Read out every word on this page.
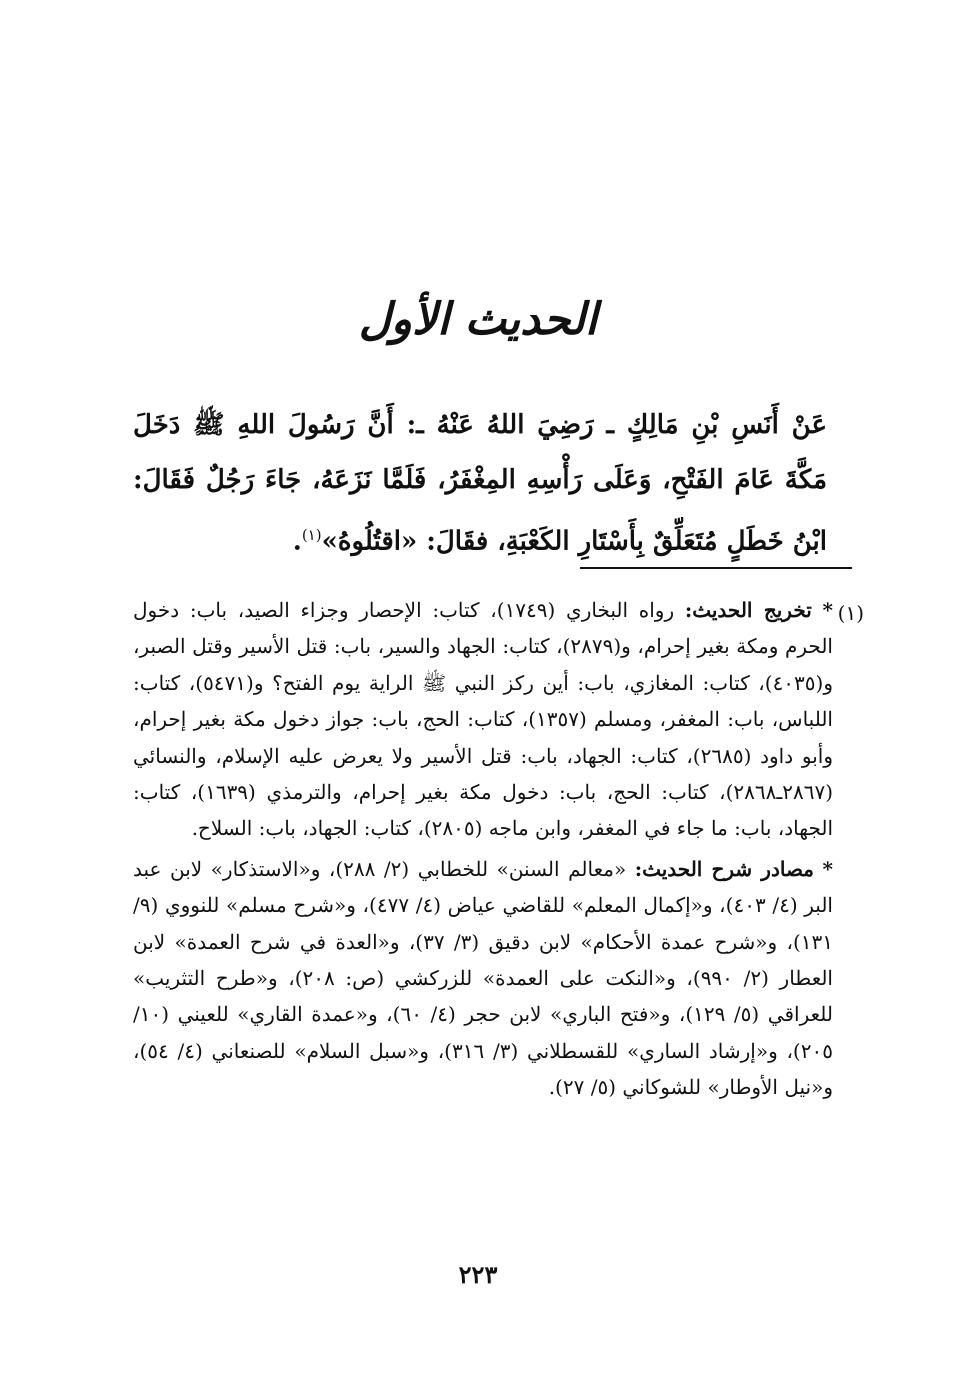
الحديث الأول
عَنْ أَنَسِ بْنِ مَالِكٍ ـ رَضِيَ اللهُ عَنْهُ ـ: أَنَّ رَسُولَ اللهِ ﷺ دَخَلَ مَكَّةَ عَامَ الفَتْحِ، وَعَلَى رَأْسِهِ المِغْفَرُ، فَلَمَّا نَزَعَهُ، جَاءَ رَجُلٌ فَقَالَ: ابْنُ خَطَلٍ مُتَعَلِّقٌ بِأَسْتَارِ الكَعْبَةِ، فقَالَ: «اقتُلُوهُ»$^{(١)}$.
(١)

* تخريج الحديث: رواه البخاري (١٧٤٩)، كتاب: الإحصار وجزاء الصيد، باب: دخول الحرم ومكة بغير إحرام، و(٢٨٧٩)، كتاب: الجهاد والسير، باب: قتل الأسير وقتل الصبر، و(٤٠٣٥)، كتاب: المغازي، باب: أين ركز النبي ﷺ الراية يوم الفتح؟ و(٥٤٧١)، كتاب: اللباس، باب: المغفر، ومسلم (١٣٥٧)، كتاب: الحج، باب: جواز دخول مكة بغير إحرام، وأبو داود (٢٦٨٥)، كتاب: الجهاد، باب: قتل الأسير ولا يعرض عليه الإسلام، والنسائي (٢٨٦٧ـ٢٨٦٨)، كتاب: الحج، باب: دخول مكة بغير إحرام، والترمذي (١٦٣٩)، كتاب: الجهاد، باب: ما جاء في المغفر، وابن ماجه (٢٨٠٥)، كتاب: الجهاد، باب: السلاح.

* مصادر شرح الحديث: «معالم السنن» للخطابي (٢/ ٢٨٨)، و«الاستذكار» لابن عبد البر (٤/ ٤٠٣)، و«إكمال المعلم» للقاضي عياض (٤/ ٤٧٧)، و«شرح مسلم» للنووي (٩/ ١٣١)، و«شرح عمدة الأحكام» لابن دقيق (٣/ ٣٧)، و«العدة في شرح العمدة» لابن العطار (٢/ ٩٩٠)، و«النكت على العمدة» للزركشي (ص: ٢٠٨)، و«طرح التثريب» للعراقي (٥/ ١٢٩)، و«فتح الباري» لابن حجر (٤/ ٦٠)، و«عمدة القاري» للعيني (١٠/ ٢٠٥)، و«إرشاد الساري» للقسطلاني (٣/ ٣١٦)، و«سبل السلام» للصنعاني (٤/ ٥٤)، و«نيل الأوطار» للشوكاني (٥/ ٢٧).

٢٢٣
